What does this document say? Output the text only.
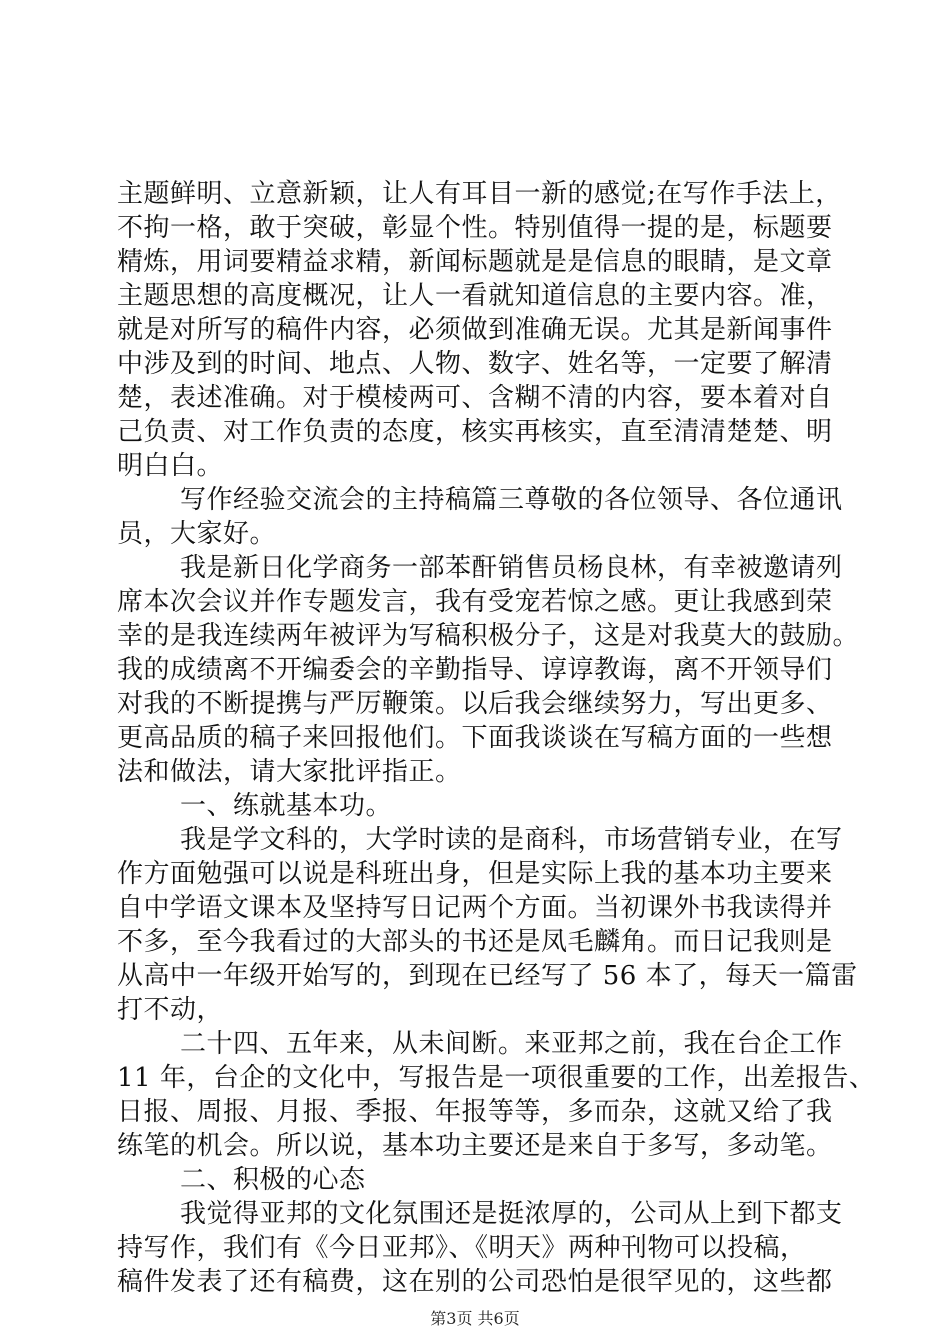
主题鲜明、立意新颖，让人有耳目一新的感觉;在写作手法上，
不拘一格，敢于突破，彰显个性。特别值得一提的是，标题要
精炼，用词要精益求精，新闻标题就是是信息的眼睛，是文章
主题思想的高度概况，让人一看就知道信息的主要内容。准，
就是对所写的稿件内容，必须做到准确无误。尤其是新闻事件
中涉及到的时间、地点、人物、数字、姓名等，一定要了解清
楚，表述准确。对于模棱两可、含糊不清的内容，要本着对自
己负责、对工作负责的态度，核实再核实，直至清清楚楚、明
明白白。
写作经验交流会的主持稿篇三尊敬的各位领导、各位通讯
员，大家好。
我是新日化学商务一部苯酐销售员杨良林，有幸被邀请列
席本次会议并作专题发言，我有受宠若惊之感。更让我感到荣
幸的是我连续两年被评为写稿积极分子，这是对我莫大的鼓励。
我的成绩离不开编委会的辛勤指导、谆谆教诲，离不开领导们
对我的不断提携与严厉鞭策。以后我会继续努力，写出更多、
更高品质的稿子来回报他们。下面我谈谈在写稿方面的一些想
法和做法，请大家批评指正。
一、练就基本功。
我是学文科的，大学时读的是商科，市场营销专业，在写
作方面勉强可以说是科班出身，但是实际上我的基本功主要来
自中学语文课本及坚持写日记两个方面。当初课外书我读得并
不多，至今我看过的大部头的书还是凤毛麟角。而日记我则是
从高中一年级开始写的，到现在已经写了 56 本了，每天一篇雷
打不动，
二十四、五年来，从未间断。来亚邦之前，我在台企工作
11 年，台企的文化中，写报告是一项很重要的工作，出差报告、
日报、周报、月报、季报、年报等等，多而杂，这就又给了我
练笔的机会。所以说，基本功主要还是来自于多写，多动笔。
二、积极的心态
我觉得亚邦的文化氛围还是挺浓厚的，公司从上到下都支
持写作，我们有《今日亚邦》、《明天》两种刊物可以投稿，
稿件发表了还有稿费，这在别的公司恐怕是很罕见的，这些都
第3页 共6页
